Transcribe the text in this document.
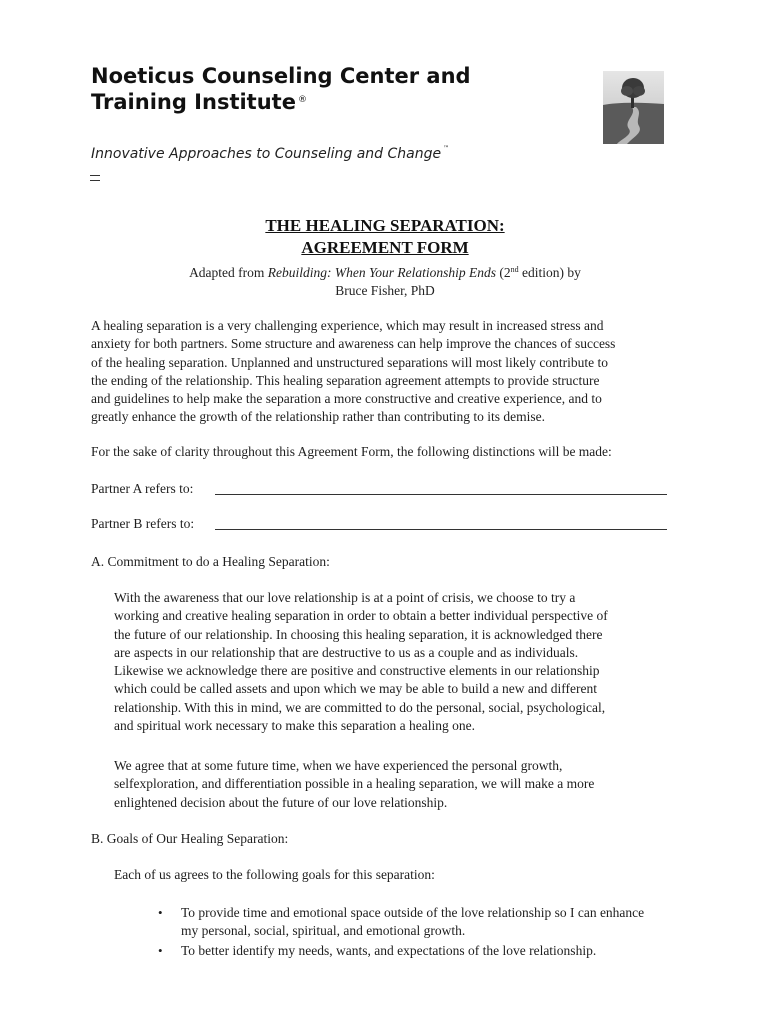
Noeticus Counseling Center and
Training Institute ®
Innovative Approaches to Counseling and Change ™
THE HEALING SEPARATION:
AGREEMENT FORM
Adapted from Rebuilding: When Your Relationship Ends (2nd edition) by
Bruce Fisher, PhD
A healing separation is a very challenging experience, which may result in increased stress and
anxiety for both partners. Some structure and awareness can help improve the chances of success
of the healing separation. Unplanned and unstructured separations will most likely contribute to
the ending of the relationship. This healing separation agreement attempts to provide structure
and guidelines to help make the separation a more constructive and creative experience, and to
greatly enhance the growth of the relationship rather than contributing to its demise.
For the sake of clarity throughout this Agreement Form, the following distinctions will be made:
Partner A refers to:
Partner B refers to:
A. Commitment to do a Healing Separation:
With the awareness that our love relationship is at a point of crisis, we choose to try a
working and creative healing separation in order to obtain a better individual perspective of
the future of our relationship. In choosing this healing separation, it is acknowledged there
are aspects in our relationship that are destructive to us as a couple and as individuals.
Likewise we acknowledge there are positive and constructive elements in our relationship
which could be called assets and upon which we may be able to build a new and different
relationship. With this in mind, we are committed to do the personal, social, psychological,
and spiritual work necessary to make this separation a healing one.
We agree that at some future time, when we have experienced the personal growth,
selfexploration, and differentiation possible in a healing separation, we will make a more
enlightened decision about the future of our love relationship.
B. Goals of Our Healing Separation:
Each of us agrees to the following goals for this separation:
• To provide time and emotional space outside of the love relationship so I can enhance my personal, social, spiritual, and emotional growth.
• To better identify my needs, wants, and expectations of the love relationship.
